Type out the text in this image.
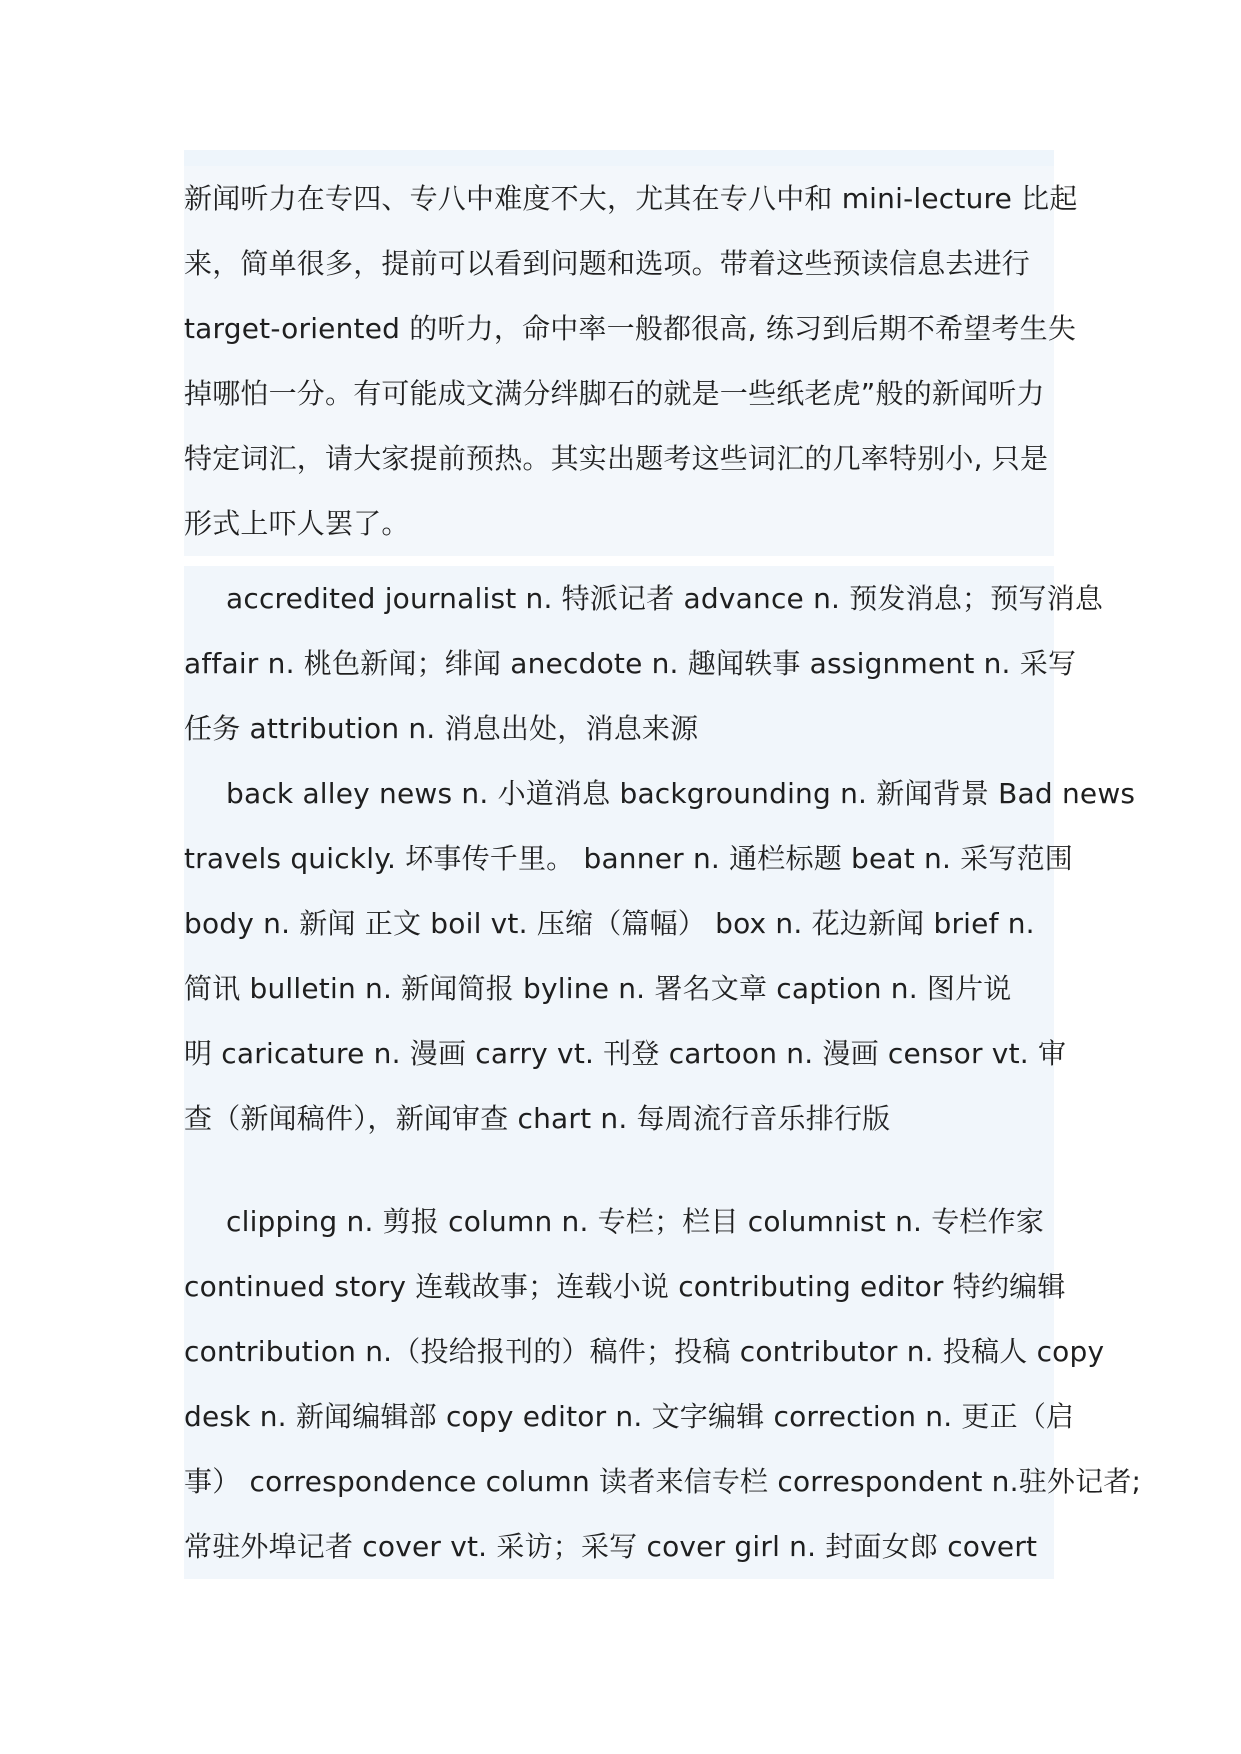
新闻听力在专四、专八中难度不大，尤其在专八中和 mini-lecture 比起
来，简单很多，提前可以看到问题和选项。带着这些预读信息去进行
target-oriented 的听力，命中率一般都很高, 练习到后期不希望考生失
掉哪怕一分。有可能成文满分绊脚石的就是一些纸老虎”般的新闻听力
特定词汇，请大家提前预热。其实出题考这些词汇的几率特别小, 只是
形式上吓人罢了。
accredited journalist n. 特派记者 advance n. 预发消息；预写消息
affair n. 桃色新闻；绯闻 anecdote n. 趣闻轶事 assignment n. 采写
任务 attribution n. 消息出处，消息来源
back alley news n. 小道消息 backgrounding n. 新闻背景 Bad news
travels quickly. 坏事传千里。 banner n. 通栏标题 beat n. 采写范围
body n. 新闻 正文 boil vt. 压缩（篇幅） box n. 花边新闻 brief n.
简讯 bulletin n. 新闻简报 byline n. 署名文章 caption n. 图片说
明 caricature n. 漫画 carry vt. 刊登 cartoon n. 漫画 censor vt. 审
查（新闻稿件），新闻审查 chart n. 每周流行音乐排行版
clipping n. 剪报 column n. 专栏；栏目 columnist n. 专栏作家
continued story 连载故事；连载小说 contributing editor 特约编辑
contribution n.（投给报刊的）稿件；投稿 contributor n. 投稿人 copy
desk n. 新闻编辑部 copy editor n. 文字编辑 correction n. 更正（启
事） correspondence column 读者来信专栏 correspondent n.驻外记者;
常驻外埠记者 cover vt. 采访；采写 cover girl n. 封面女郎 covert
